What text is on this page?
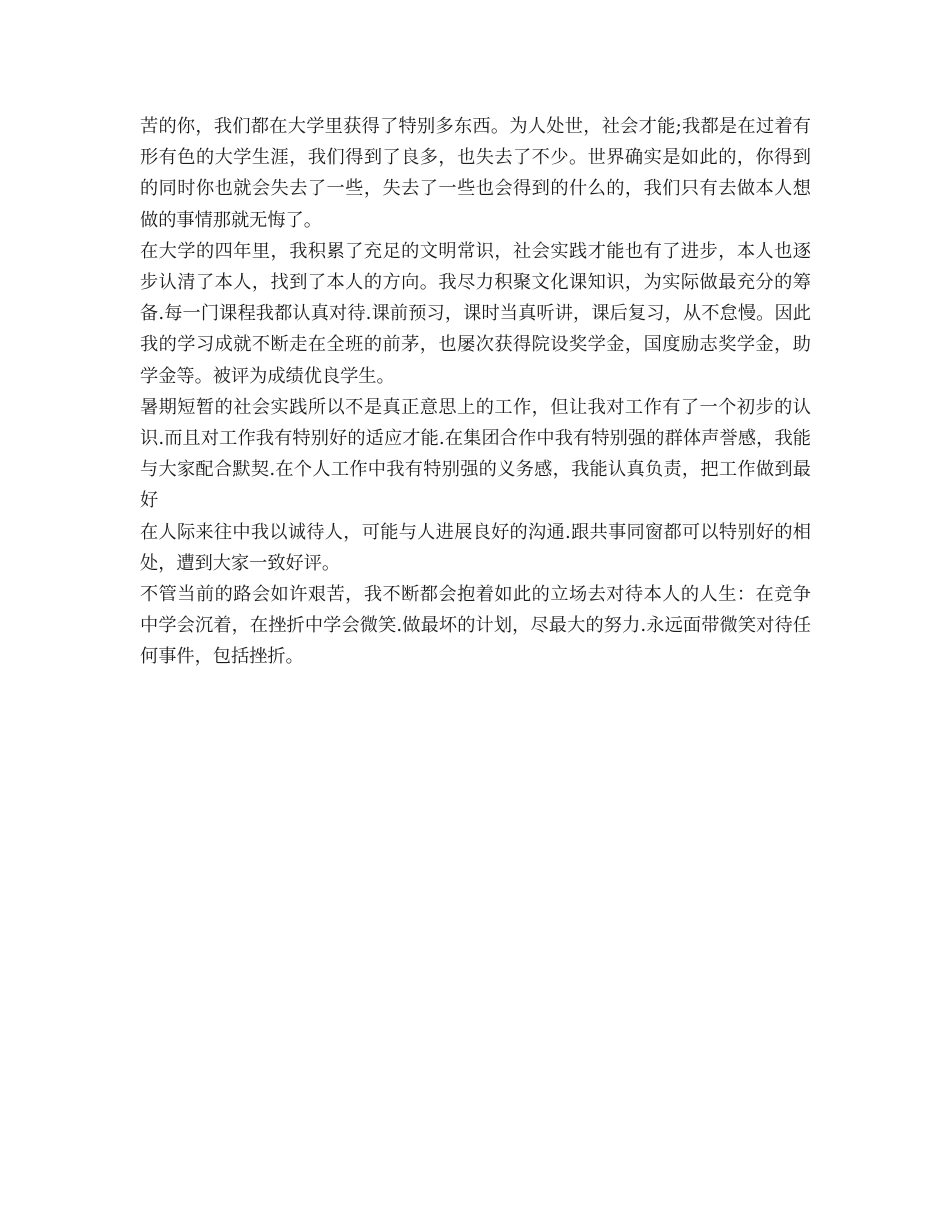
苦的你，我们都在大学里获得了特别多东西。为人处世，社会才能;我都是在过着有形有色的大学生涯，我们得到了良多，也失去了不少。世界确实是如此的，你得到的同时你也就会失去了一些，失去了一些也会得到的什么的，我们只有去做本人想做的事情那就无悔了。

在大学的四年里，我积累了充足的文明常识，社会实践才能也有了进步，本人也逐步认清了本人，找到了本人的方向。我尽力积聚文化课知识，为实际做最充分的筹备.每一门课程我都认真对待.课前预习，课时当真听讲，课后复习，从不怠慢。因此我的学习成就不断走在全班的前茅，也屡次获得院设奖学金，国度励志奖学金，助学金等。被评为成绩优良学生。

暑期短暂的社会实践所以不是真正意思上的工作，但让我对工作有了一个初步的认识.而且对工作我有特别好的适应才能.在集团合作中我有特别强的群体声誉感，我能与大家配合默契.在个人工作中我有特别强的义务感，我能认真负责，把工作做到最好

在人际来往中我以诚待人，可能与人进展良好的沟通.跟共事同窗都可以特别好的相处，遭到大家一致好评。

不管当前的路会如许艰苦，我不断都会抱着如此的立场去对待本人的人生：在竞争中学会沉着，在挫折中学会微笑.做最坏的计划，尽最大的努力.永远面带微笑对待任何事件，包括挫折。
